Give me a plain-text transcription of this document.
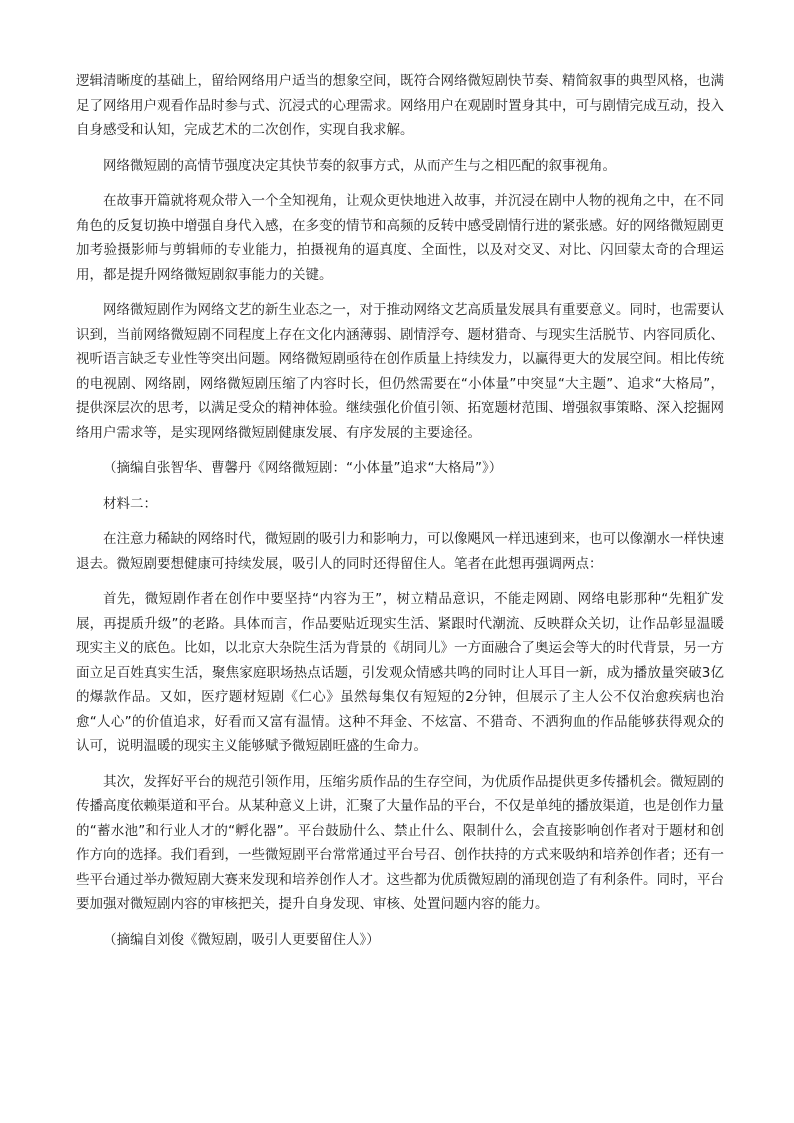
逻辑清晰度的基础上，留给网络用户适当的想象空间，既符合网络微短剧快节奏、精简叙事的典型风格，也满足了网络用户观看作品时参与式、沉浸式的心理需求。网络用户在观剧时置身其中，可与剧情完成互动，投入自身感受和认知，完成艺术的二次创作，实现自我求解。

网络微短剧的高情节强度决定其快节奏的叙事方式，从而产生与之相匹配的叙事视角。

在故事开篇就将观众带入一个全知视角，让观众更快地进入故事，并沉浸在剧中人物的视角之中，在不同角色的反复切换中增强自身代入感，在多变的情节和高频的反转中感受剧情行进的紧张感。好的网络微短剧更加考验摄影师与剪辑师的专业能力，拍摄视角的逼真度、全面性，以及对交叉、对比、闪回蒙太奇的合理运用，都是提升网络微短剧叙事能力的关键。

网络微短剧作为网络文艺的新生业态之一，对于推动网络文艺高质量发展具有重要意义。同时，也需要认识到，当前网络微短剧不同程度上存在文化内涵薄弱、剧情浮夸、题材猎奇、与现实生活脱节、内容同质化、视听语言缺乏专业性等突出问题。网络微短剧亟待在创作质量上持续发力，以赢得更大的发展空间。相比传统的电视剧、网络剧，网络微短剧压缩了内容时长，但仍然需要在“小体量”中突显“大主题”、追求“大格局”，提供深层次的思考，以满足受众的精神体验。继续强化价值引领、拓宽题材范围、增强叙事策略、深入挖掘网络用户需求等，是实现网络微短剧健康发展、有序发展的主要途径。

（摘编自张智华、曹馨丹《网络微短剧：“小体量”追求“大格局”》）

材料二：

在注意力稀缺的网络时代，微短剧的吸引力和影响力，可以像飓风一样迅速到来，也可以像潮水一样快速退去。微短剧要想健康可持续发展，吸引人的同时还得留住人。笔者在此想再强调两点：

首先，微短剧作者在创作中要坚持“内容为王”，树立精品意识，不能走网剧、网络电影那种“先粗犷发展，再提质升级”的老路。具体而言，作品要贴近现实生活、紧跟时代潮流、反映群众关切，让作品彰显温暖现实主义的底色。比如，以北京大杂院生活为背景的《胡同儿》一方面融合了奥运会等大的时代背景，另一方面立足百姓真实生活，聚焦家庭职场热点话题，引发观众情感共鸣的同时让人耳目一新，成为播放量突破3亿的爆款作品。又如，医疗题材短剧《仁心》虽然每集仅有短短的2分钟，但展示了主人公不仅治愈疾病也治愈“人心”的价值追求，好看而又富有温情。这种不拜金、不炫富、不猎奇、不洒狗血的作品能够获得观众的认可，说明温暖的现实主义能够赋予微短剧旺盛的生命力。

其次，发挥好平台的规范引领作用，压缩劣质作品的生存空间，为优质作品提供更多传播机会。微短剧的传播高度依赖渠道和平台。从某种意义上讲，汇聚了大量作品的平台，不仅是单纯的播放渠道，也是创作力量的“蓄水池”和行业人才的“孵化器”。平台鼓励什么、禁止什么、限制什么，会直接影响创作者对于题材和创作方向的选择。我们看到，一些微短剧平台常常通过平台号召、创作扶持的方式来吸纳和培养创作者；还有一些平台通过举办微短剧大赛来发现和培养创作人才。这些都为优质微短剧的涌现创造了有利条件。同时，平台要加强对微短剧内容的审核把关，提升自身发现、审核、处置问题内容的能力。

（摘编自刘俊《微短剧，吸引人更要留住人》）
